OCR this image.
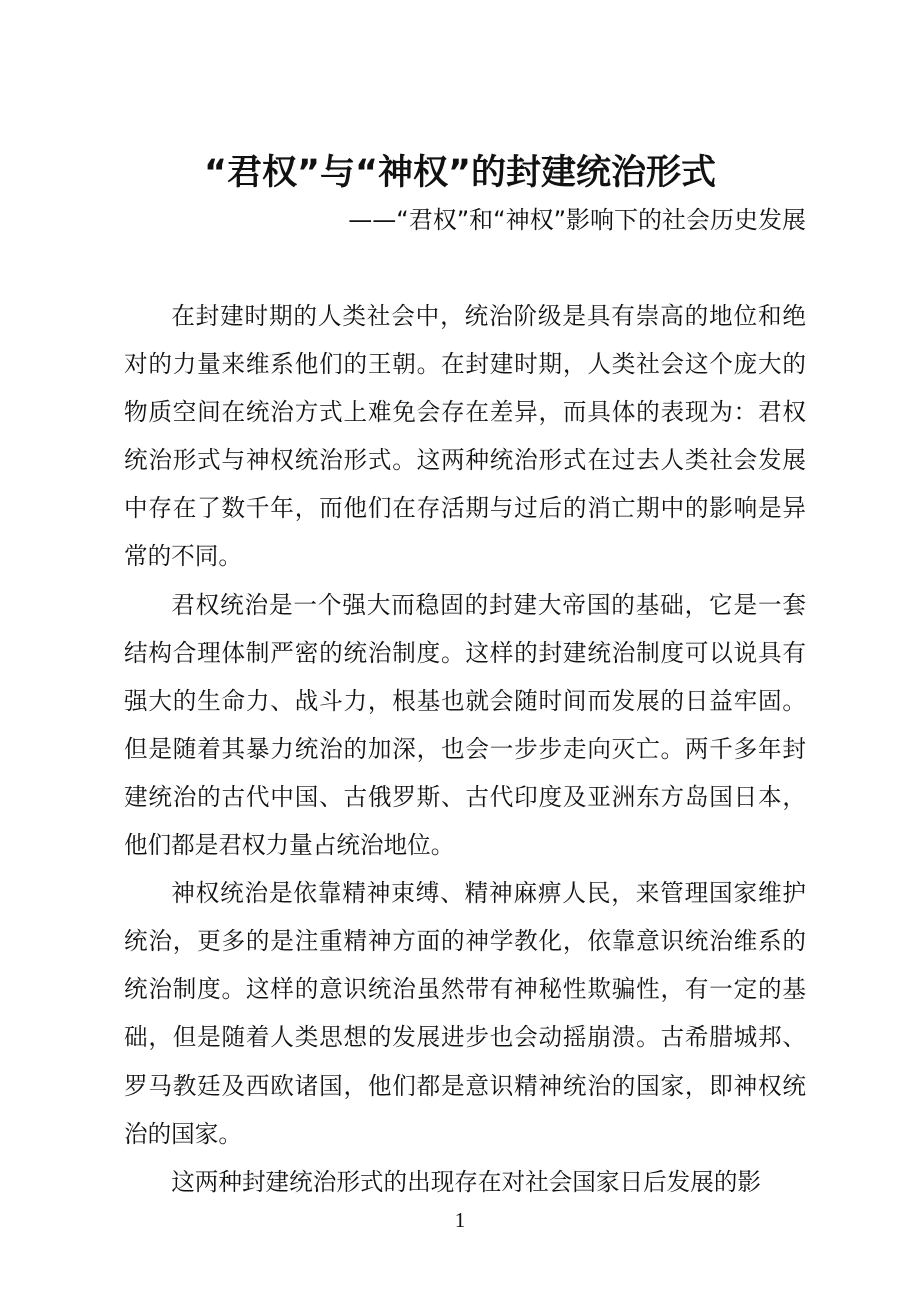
“君权”与“神权”的封建统治形式
——“君权”和“神权”影响下的社会历史发展

在封建时期的人类社会中，统治阶级是具有崇高的地位和绝对的力量来维系他们的王朝。在封建时期，人类社会这个庞大的物质空间在统治方式上难免会存在差异，而具体的表现为：君权统治形式与神权统治形式。这两种统治形式在过去人类社会发展中存在了数千年，而他们在存活期与过后的消亡期中的影响是异常的不同。

君权统治是一个强大而稳固的封建大帝国的基础，它是一套结构合理体制严密的统治制度。这样的封建统治制度可以说具有强大的生命力、战斗力，根基也就会随时间而发展的日益牢固。但是随着其暴力统治的加深，也会一步步走向灭亡。两千多年封建统治的古代中国、古俄罗斯、古代印度及亚洲东方岛国日本，他们都是君权力量占统治地位。

神权统治是依靠精神束缚、精神麻痹人民，来管理国家维护统治，更多的是注重精神方面的神学教化，依靠意识统治维系的统治制度。这样的意识统治虽然带有神秘性欺骗性，有一定的基础，但是随着人类思想的发展进步也会动摇崩溃。古希腊城邦、罗马教廷及西欧诸国，他们都是意识精神统治的国家，即神权统治的国家。

这两种封建统治形式的出现存在对社会国家日后发展的影

1
